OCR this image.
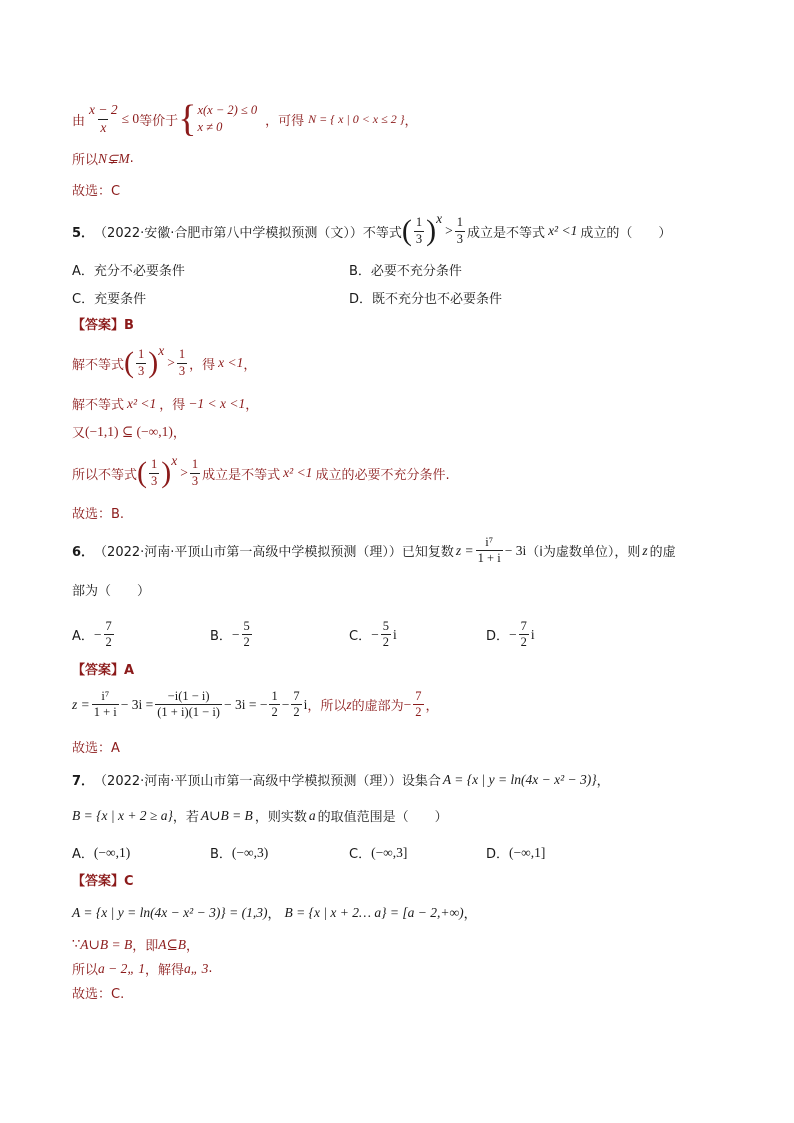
由 $\frac{x - 2}{x} \le 0$ 等价于 { x(x − 2) ≤ 0
x ≠ 0	，可得 N = { x | 0 < x ≤ 2 } ，
所以 N⊊M .
故选：C
5． （2022·安徽·合肥市第八中学模拟预测（文）） 不等式 ( $\frac{1}{3} )^x$
> $\frac{1}{3}$ 成立是不等式 x² <1 成立的（　　）
A．充分不必要条件	B．必要不充分条件
C．充要条件	D．既不充分也不必要条件
【答案】B
解不等式 ( $\frac{1}{3} )^x$
> $\frac{1}{3}$ ，得 x <1 ，
解不等式 x² <1 ，得 −1 < x <1 ，
又 (−1,1) ⊆ (−∞,1) ，
所以不等式 ( $\frac{1}{3} )^x$
> $\frac{1}{3}$ 成立是不等式 x² <1 成立的必要不充分条件.
故选：B.
6． （2022·河南·平顶山市第一高级中学模拟预测（理）） 已知复数 $z = \frac{\text{i⁷}}{1 + i} - 3i$ （i为虚数单位），则 z 的虚
部为（　　）
A． − $\frac{7}{2}$	B． − $\frac{5}{2}$	C． − $\frac{5}{2}$ i	D． − $\frac{7}{2}$ i
【答案】A
$z = \frac{\text{i⁷}}{1 + i} - 3i = \frac{-i(1 - i)}{(1 + i)(1 - i)} - 3i$ = − $\frac{1}{2} - \frac{7}{2}$ i ，所以 z 的虚部为 − $\frac{7}{2}$ ，
故选：A
7． （2022·河南·平顶山市第一高级中学模拟预测（理）） 设集合 A = {x | y = ln(4x − x² − 3)} ，
B = {x | x + 2 ≥ a} ，若 A∪B = B ，则实数 a 的取值范围是（　　）
A． (−∞,1)	B． (−∞,3)	C． (−∞,3]	D． (−∞,1]
【答案】C
A = {x | y = ln(4x − x² − 3)} = (1,3) ， B = {x | x + 2… a} = [a − 2,+∞) ，
∵ A∪B = B ，即 A⊆B ，
所以 a − 2„ 1 ，解得 a„ 3 .
故选：C.
